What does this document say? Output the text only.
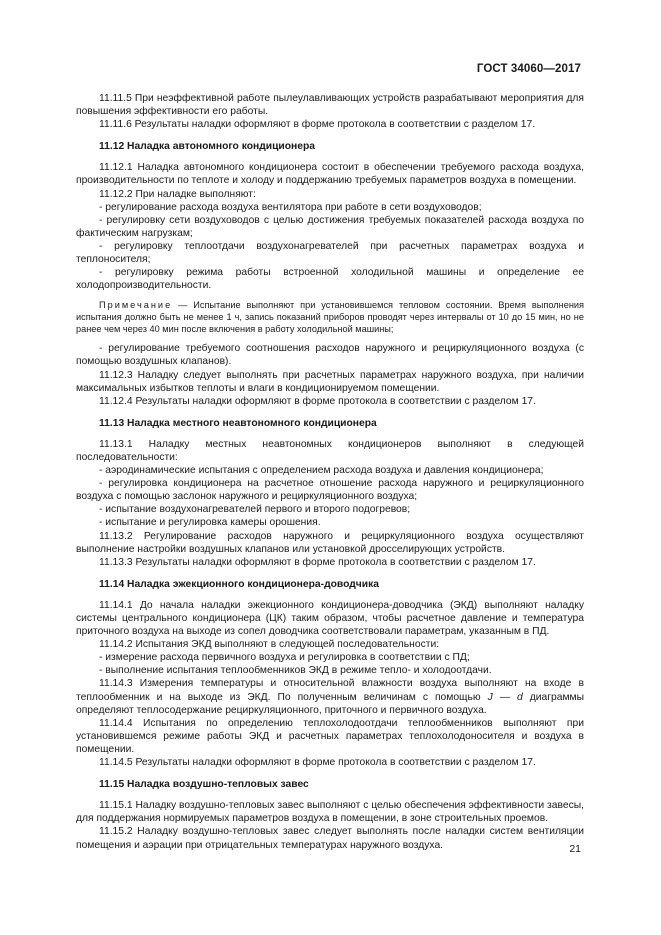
ГОСТ 34060—2017

11.11.5 При неэффективной работе пылеулавливающих устройств разрабатывают мероприятия для повышения эффективности его работы.

11.11.6 Результаты наладки оформляют в форме протокола в соответствии с разделом 17.

11.12 Наладка автономного кондиционера

11.12.1 Наладка автономного кондиционера состоит в обеспечении требуемого расхода воздуха, производительности по теплоте и холоду и поддержанию требуемых параметров воздуха в помещении.

11.12.2 При наладке выполняют:

- регулирование расхода воздуха вентилятора при работе в сети воздуховодов;

- регулировку сети воздуховодов с целью достижения требуемых показателей расхода воздуха по фактическим нагрузкам;

- регулировку теплоотдачи воздухонагревателей при расчетных параметрах воздуха и теплоносителя;

- регулировку режима работы встроенной холодильной машины и определение ее холодопроизводительности.

Примечание — Испытание выполняют при установившемся тепловом состоянии. Время выполнения испытания должно быть не менее 1 ч, запись показаний приборов проводят через интервалы от 10 до 15 мин, но не ранее чем через 40 мин после включения в работу холодильной машины;

- регулирование требуемого соотношения расходов наружного и рециркуляционного воздуха (с помощью воздушных клапанов).

11.12.3 Наладку следует выполнять при расчетных параметрах наружного воздуха, при наличии максимальных избытков теплоты и влаги в кондиционируемом помещении.

11.12.4 Результаты наладки оформляют в форме протокола в соответствии с разделом 17.

11.13 Наладка местного неавтономного кондиционера

11.13.1 Наладку местных неавтономных кондиционеров выполняют в следующей последовательности:

- аэродинамические испытания с определением расхода воздуха и давления кондиционера;

- регулировка кондиционера на расчетное отношение расхода наружного и рециркуляционного воздуха с помощью заслонок наружного и рециркуляционного воздуха;

- испытание воздухонагревателей первого и второго подогревов;

- испытание и регулировка камеры орошения.

11.13.2 Регулирование расходов наружного и рециркуляционного воздуха осуществляют выполнение настройки воздушных клапанов или установкой дросселирующих устройств.

11.13.3 Результаты наладки оформляют в форме протокола в соответствии с разделом 17.

11.14 Наладка эжекционного кондиционера-доводчика

11.14.1 До начала наладки эжекционного кондиционера-доводчика (ЭКД) выполняют наладку системы центрального кондиционера (ЦК) таким образом, чтобы расчетное давление и температура приточного воздуха на выходе из сопел доводчика соответствовали параметрам, указанным в ПД.

11.14.2 Испытания ЭКД выполняют в следующей последовательности:

- измерение расхода первичного воздуха и регулировка в соответствии с ПД;

- выполнение испытания теплообменников ЭКД в режиме тепло- и холодоотдачи.

11.14.3 Измерения температуры и относительной влажности воздуха выполняют на входе в теплообменник и на выходе из ЭКД. По полученным величинам с помощью J — d диаграммы определяют теплосодержание рециркуляционного, приточного и первичного воздуха.

11.14.4 Испытания по определению теплохолодоотдачи теплообменников выполняют при установившемся режиме работы ЭКД и расчетных параметрах теплохолодоносителя и воздуха в помещении.

11.14.5 Результаты наладки оформляют в форме протокола в соответствии с разделом 17.

11.15 Наладка воздушно-тепловых завес

11.15.1 Наладку воздушно-тепловых завес выполняют с целью обеспечения эффективности завесы, для поддержания нормируемых параметров воздуха в помещении, в зоне строительных проемов.

11.15.2 Наладку воздушно-тепловых завес следует выполнять после наладки систем вентиляции помещения и аэрации при отрицательных температурах наружного воздуха.	21
